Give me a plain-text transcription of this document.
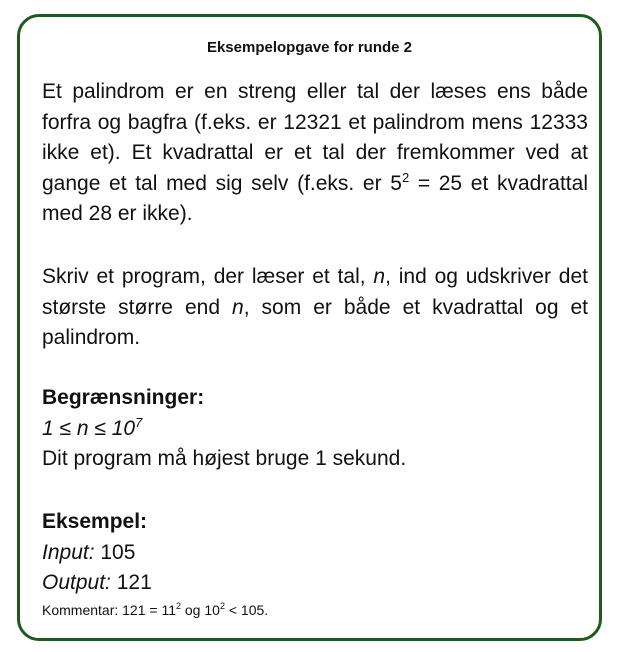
Eksempelopgave for runde 2
Et palindrom er en streng eller tal der læses ens både forfra og bagfra (f.eks. er 12321 et palindrom mens 12333 ikke et). Et kvadrattal er et tal der fremkommer ved at gange et tal med sig selv (f.eks. er $5^2 = 25$ et kvadrattal med 28 er ikke).
Skriv et program, der læser et tal, n, ind og udskriver det største større end n, som er både et kvadrattal og et palindrom.
Begrænsninger:
$1 \le n \le 10^7$
Dit program må højest bruge 1 sekund.
Eksempel:
Input: 105
Output: 121
Kommentar: $121 = 11^2$ og $10^2 < 105$.
